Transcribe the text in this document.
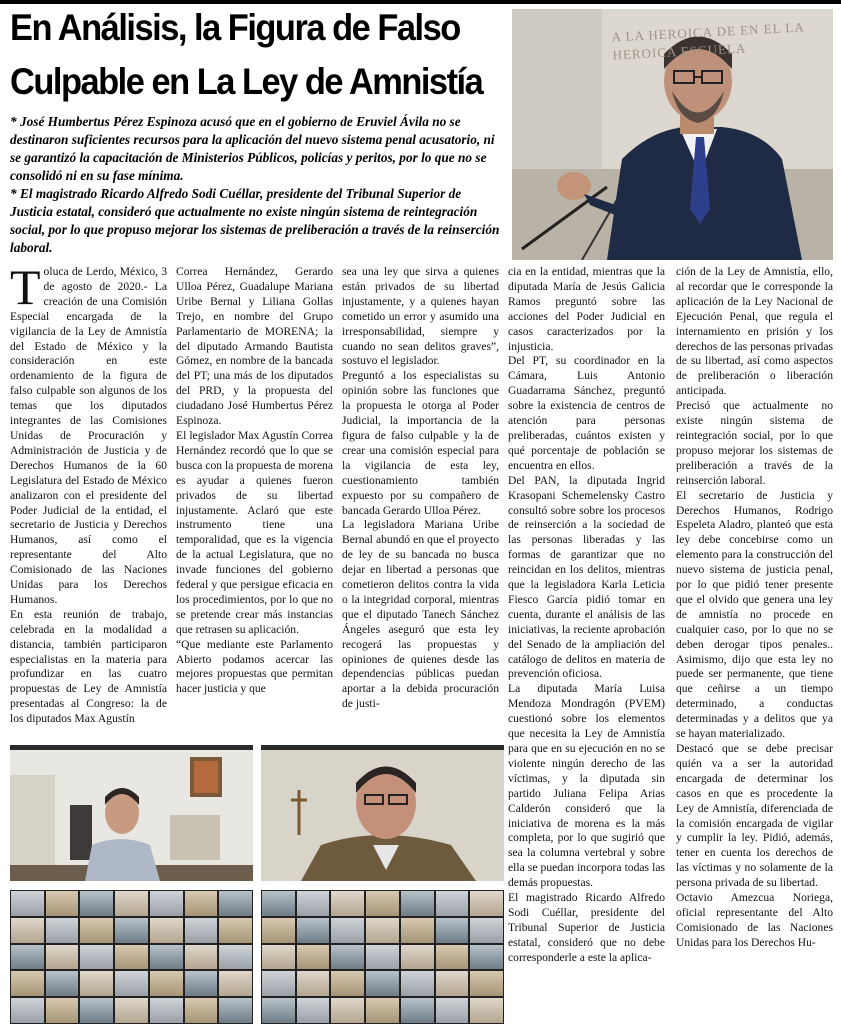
En Análisis, la Figura de Falso
Culpable en La Ley de Amnistía
* José Humbertus Pérez Espinoza acusó que en el gobierno de Eruviel Ávila no se destinaron suficientes recursos para la aplicación del nuevo sistema penal acusatorio, ni se garantizó la capacitación de Ministerios Públicos, policías y peritos, por lo que no se consolidó ni en su fase mínima.
* El magistrado Ricardo Alfredo Sodi Cuéllar, presidente del Tribunal Superior de Justicia estatal, consideró que actualmente no existe ningún sistema de reintegración social, por lo que propuso mejorar los sistemas de preliberación a través de la reinserción laboral.
A LA HEROICA DE EN EL LA HEROICA ESCUELA

Toluca de Lerdo, México, 3 de agosto de 2020.- La creación de una Comisión Especial encargada de la vigilancia de la Ley de Amnistía del Estado de México y la consideración en este ordenamiento de la figura de falso culpable son algunos de los temas que los diputados integrantes de las Comisiones Unidas de Procuración y Administración de Justicia y de Derechos Humanos de la 60 Legislatura del Estado de México analizaron con el presidente del Poder Judicial de la entidad, el secretario de Justicia y Derechos Humanos, así como el representante del Alto Comisionado de las Naciones Unidas para los Derechos Humanos.

En esta reunión de trabajo, celebrada en la modalidad a distancia, también participaron especialistas en la materia para profundizar en las cuatro propuestas de Ley de Amnistía presentadas al Congreso: la de los diputados Max Agustín

Correa Hernández, Gerardo Ulloa Pérez, Guadalupe Mariana Uribe Bernal y Liliana Gollas Trejo, en nombre del Grupo Parlamentario de MORENA; la del diputado Armando Bautista Gómez, en nombre de la bancada del PT; una más de los diputados del PRD, y la propuesta del ciudadano José Humbertus Pérez Espinoza.

El legislador Max Agustín Correa Hernández recordó que lo que se busca con la propuesta de morena es ayudar a quienes fueron privados de su libertad injustamente. Aclaró que este instrumento tiene una temporalidad, que es la vigencia de la actual Legislatura, que no invade funciones del gobierno federal y que persigue eficacia en los procedimientos, por lo que no se pretende crear más instancias que retrasen su aplicación.

“Que mediante este Parlamento Abierto podamos acercar las mejores propuestas que permitan hacer justicia y que

sea una ley que sirva a quienes están privados de su libertad injustamente, y a quienes hayan cometido un error y asumido una irresponsabilidad, siempre y cuando no sean delitos graves”, sostuvo el legislador.

Preguntó a los especialistas su opinión sobre las funciones que la propuesta le otorga al Poder Judicial, la importancia de la figura de falso culpable y la de crear una comisión especial para la vigilancia de esta ley, cuestionamiento también expuesto por su compañero de bancada Gerardo Ulloa Pérez.

La legisladora Mariana Uribe Bernal abundó en que el proyecto de ley de su bancada no busca dejar en libertad a personas que cometieron delitos contra la vida o la integridad corporal, mientras que el diputado Tanech Sánchez Ángeles aseguró que esta ley recogerá las propuestas y opiniones de quienes desde las dependencias públicas puedan aportar a la debida procuración de justi-

cia en la entidad, mientras que la diputada María de Jesús Galicia Ramos preguntó sobre las acciones del Poder Judicial en casos caracterizados por la injusticia.

Del PT, su coordinador en la Cámara, Luis Antonio Guadarrama Sánchez, preguntó sobre la existencia de centros de atención para personas preliberadas, cuántos existen y qué porcentaje de población se encuentra en ellos.

Del PAN, la diputada Ingrid Krasopani Schemelensky Castro consultó sobre sobre los procesos de reinserción a la sociedad de las personas liberadas y las formas de garantizar que no reincidan en los delitos, mientras que la legisladora Karla Leticia Fiesco García pidió tomar en cuenta, durante el análisis de las iniciativas, la reciente aprobación del Senado de la ampliación del catálogo de delitos en materia de prevención oficiosa.

La diputada María Luisa Mendoza Mondragón (PVEM) cuestionó sobre los elementos que necesita la Ley de Amnistía para que en su ejecución en no se violente ningún derecho de las víctimas, y la diputada sin partido Juliana Felipa Arias Calderón consideró que la iniciativa de morena es la más completa, por lo que sugirió que sea la columna vertebral y sobre ella se puedan incorpora todas las demás propuestas.

El magistrado Ricardo Alfredo Sodi Cuéllar, presidente del Tribunal Superior de Justicia estatal, consideró que no debe corresponderle a este la aplica-

ción de la Ley de Amnistía, ello, al recordar que le corresponde la aplicación de la Ley Nacional de Ejecución Penal, que regula el internamiento en prisión y los derechos de las personas privadas de su libertad, así como aspectos de preliberación o liberación anticipada.

Precisó que actualmente no existe ningún sistema de reintegración social, por lo que propuso mejorar los sistemas de preliberación a través de la reinserción laboral.

El secretario de Justicia y Derechos Humanos, Rodrigo Espeleta Aladro, planteó que esta ley debe concebirse como un elemento para la construcción del nuevo sistema de justicia penal, por lo que pidió tener presente que el olvido que genera una ley de amnistía no procede en cualquier caso, por lo que no se deben derogar tipos penales.. Asimismo, dijo que esta ley no puede ser permanente, que tiene que ceñirse a un tiempo determinado, a conductas determinadas y a delitos que ya se hayan materializado.

Destacó que se debe precisar quién va a ser la autoridad encargada de determinar los casos en que es procedente la Ley de Amnistía, diferenciada de la comisión encargada de vigilar y cumplir la ley. Pidió, además, tener en cuenta los derechos de las víctimas y no solamente de la persona privada de su libertad.

Octavio Amezcua Noriega, oficial representante del Alto Comisionado de las Naciones Unidas para los Derechos Hu-
